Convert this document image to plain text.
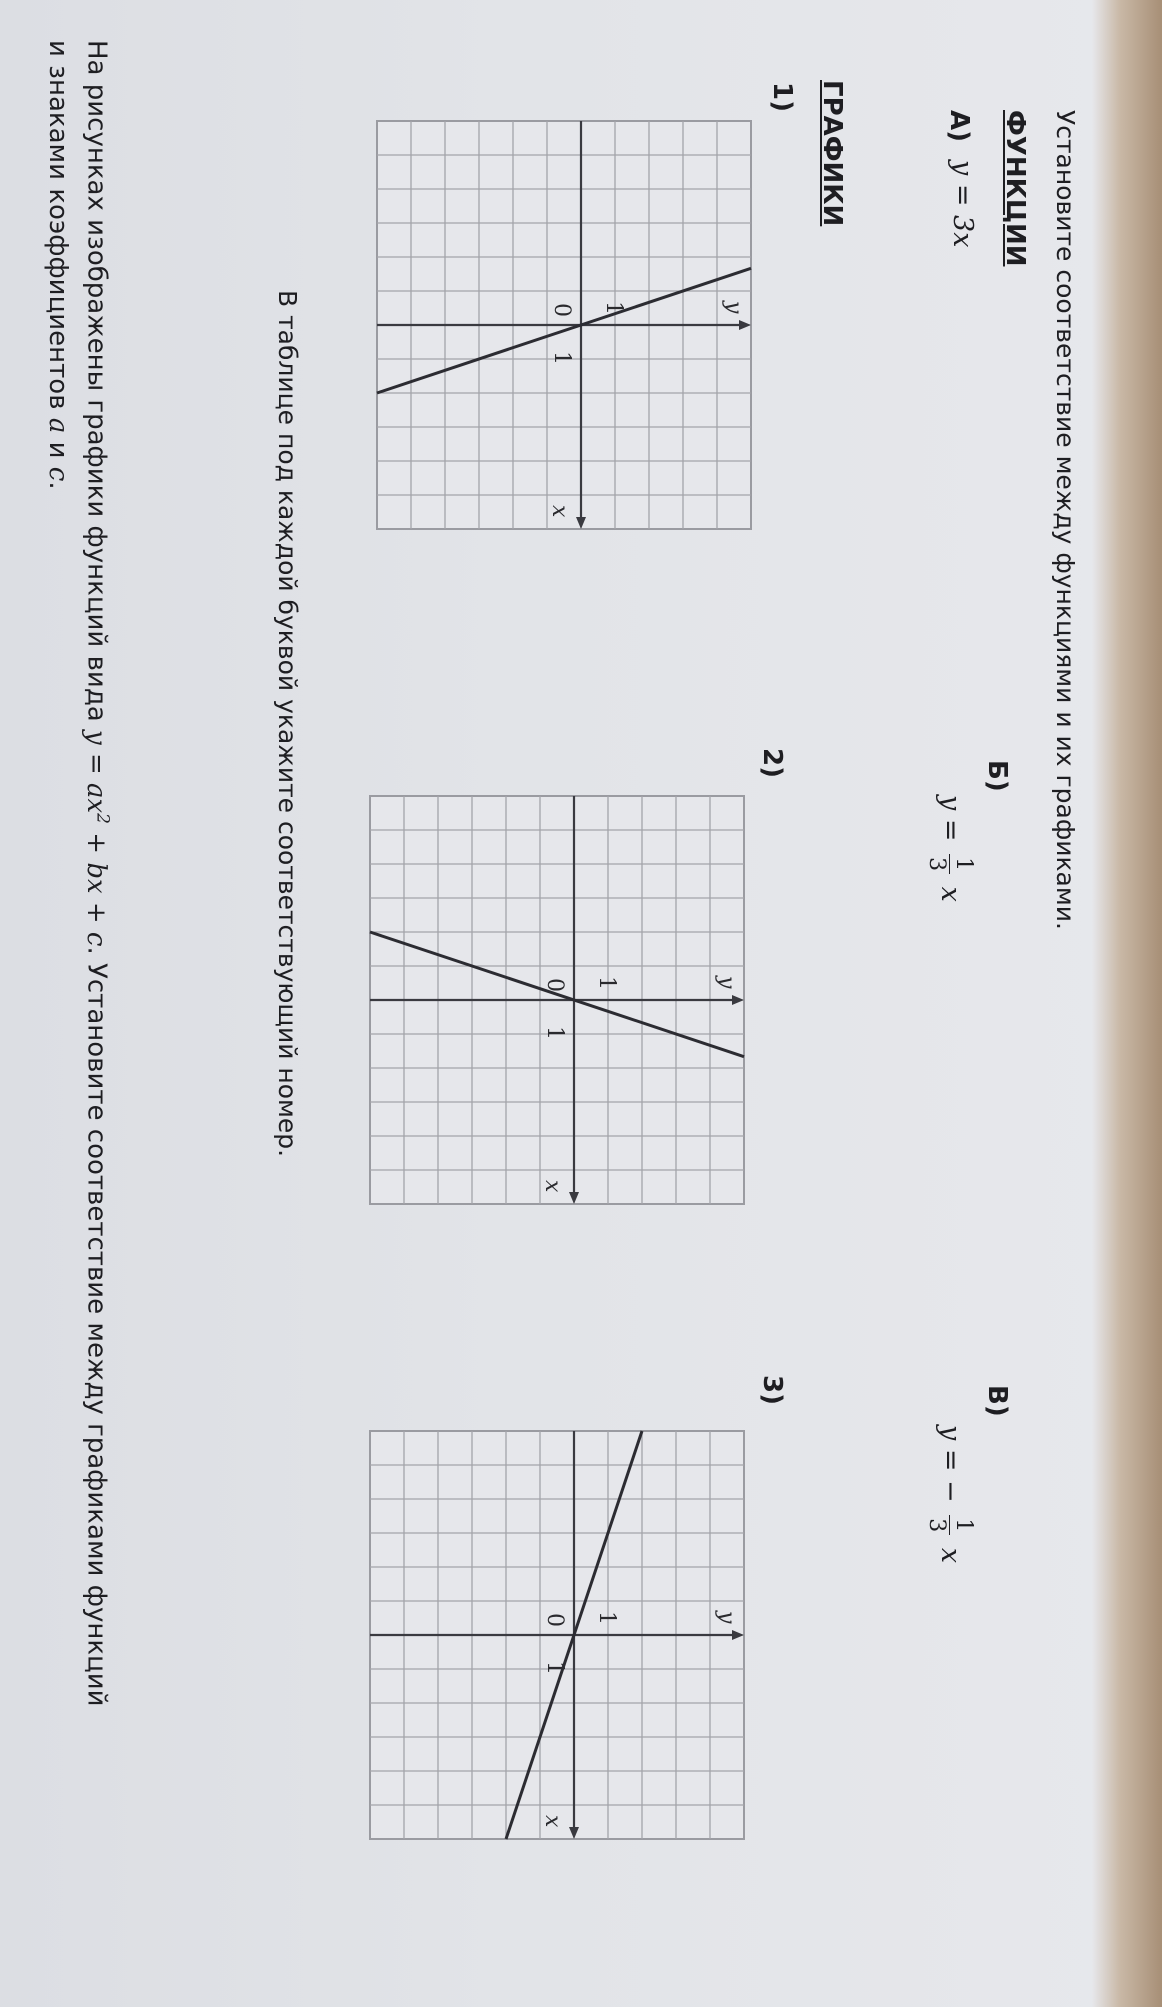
Установите соответствие между функциями и их графиками.
ФУНКЦИИ
А)
y = 3x
Б)
y =
1
3
x
В)
y = −
1
3
x
ГРАФИКИ
1)
2)
3)
y
x
0
1
1
y
x
0
1
1
y
x
0
1
1
В таблице под каждой буквой укажите соответствующий номер.
На рисунках изображены графики функций вида $y = ax^2$ + bx + c. Установите соответствие между графиками функций
и знаками коэффициентов a и c.
